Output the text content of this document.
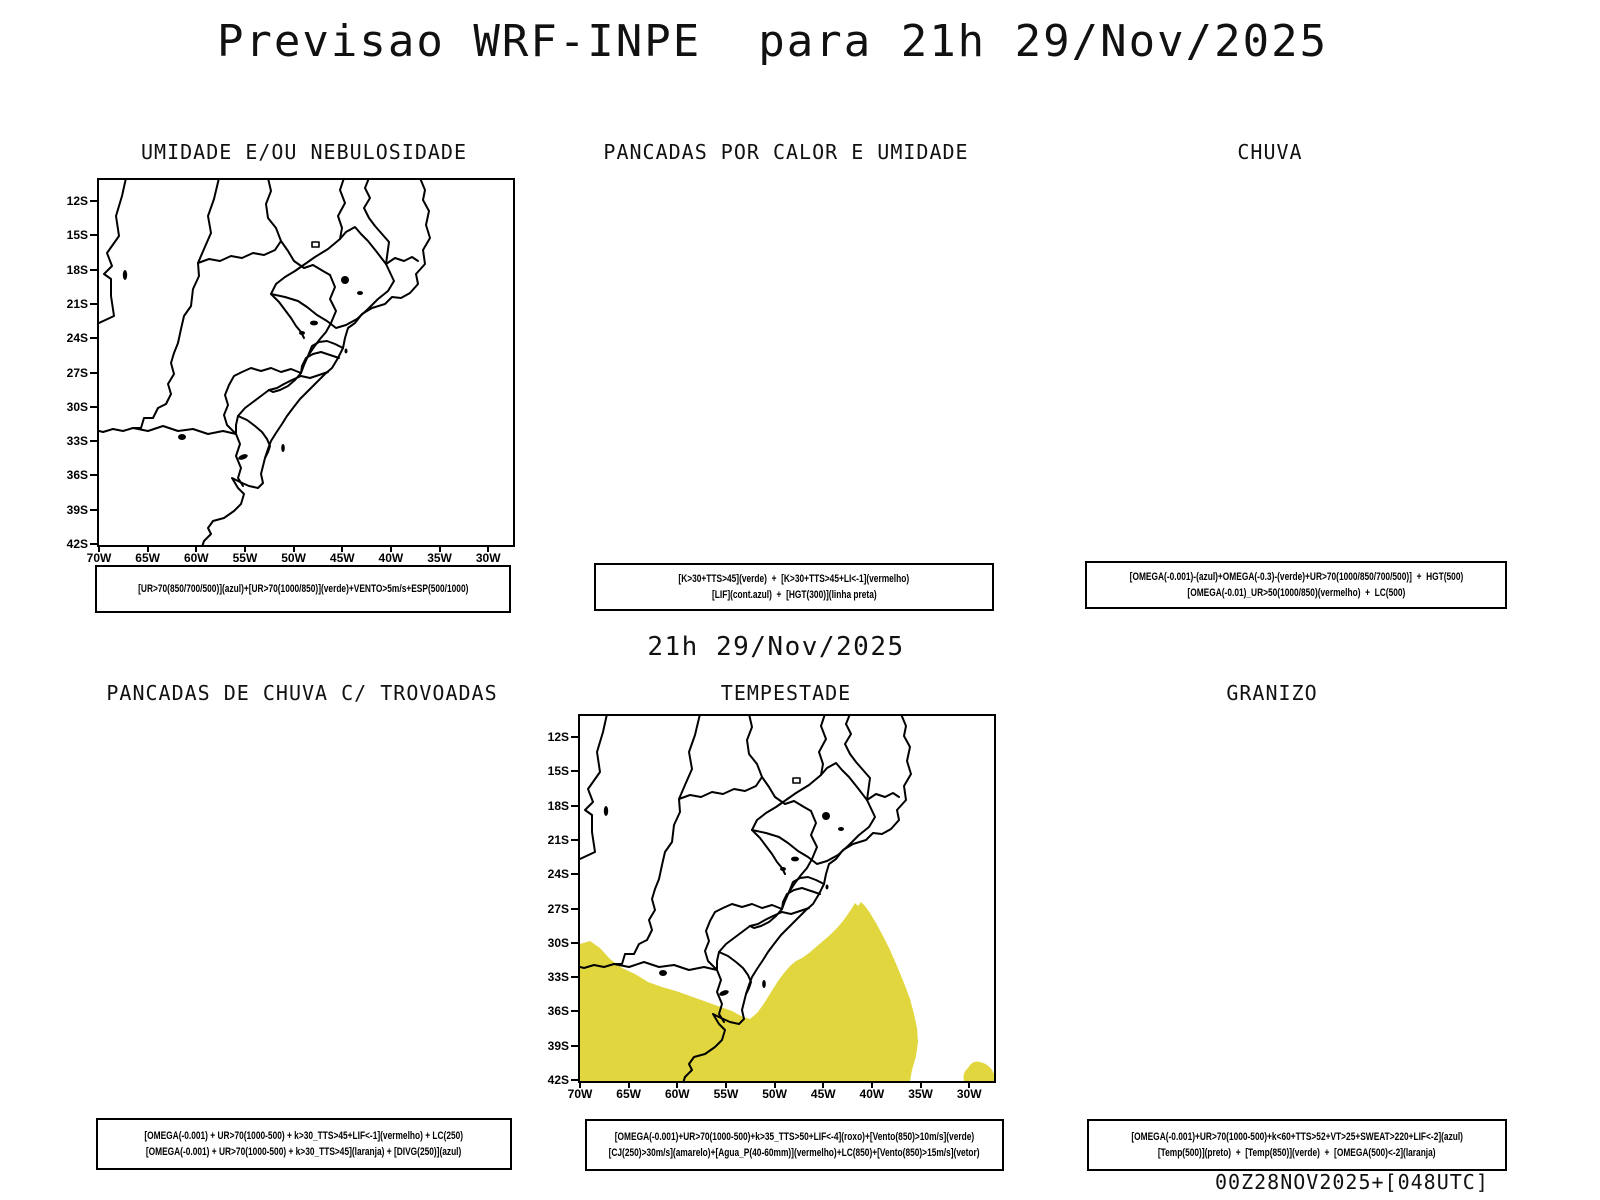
Previsao WRF-INPE  para 21h 29/Nov/2025
UMIDADE E/OU NEBULOSIDADE	PANCADAS POR CALOR E UMIDADE	CHUVA
PANCADAS DE CHUVA C/ TROVOADAS	TEMPESTADE	GRANIZO
12S
15S
18S
21S
24S
27S
30S
33S
36S
39S
42S
70W	65W	60W	55W	50W	45W	40W	35W	30W
12S
15S
18S
21S
24S
27S
30S
33S
36S
39S
42S
70W	65W	60W	55W	50W	45W	40W	35W	30W
21h 29/Nov/2025
[UR>70(850/700/500)](azul)+[UR>70(1000/850)](verde)+VENTO>5m/s+ESP(500/1000)
[K>30+TTS>45](verde)  +  [K>30+TTS>45+LI<-1](vermelho)
[LIF](cont.azul)  +  [HGT(300)](linha preta)
[OMEGA(-0.001)-(azul)+OMEGA(-0.3)-(verde)+UR>70(1000/850/700/500)]  +  HGT(500)
[OMEGA(-0.01)_UR>50(1000/850)(vermelho)  +  LC(500)
[OMEGA(-0.001) + UR>70(1000-500) + k>30_TTS>45+LIF<-1](vermelho) + LC(250)
[OMEGA(-0.001) + UR>70(1000-500) + k>30_TTS>45](laranja) + [DIVG(250)](azul)
[OMEGA(-0.001)+UR>70(1000-500)+k>35_TTS>50+LIF<-4](roxo)+[Vento(850)>10m/s](verde)
[CJ(250)>30m/s](amarelo)+[Agua_P(40-60mm)](vermelho)+LC(850)+[Vento(850)>15m/s](vetor)
[OMEGA(-0.001)+UR>70(1000-500)+k<60+TTS>52+VT>25+SWEAT>220+LIF<-2](azul)
[Temp(500)](preto)  +  [Temp(850)](verde)  +  [OMEGA(500)<-2](laranja)
00Z28NOV2025+[048UTC]
